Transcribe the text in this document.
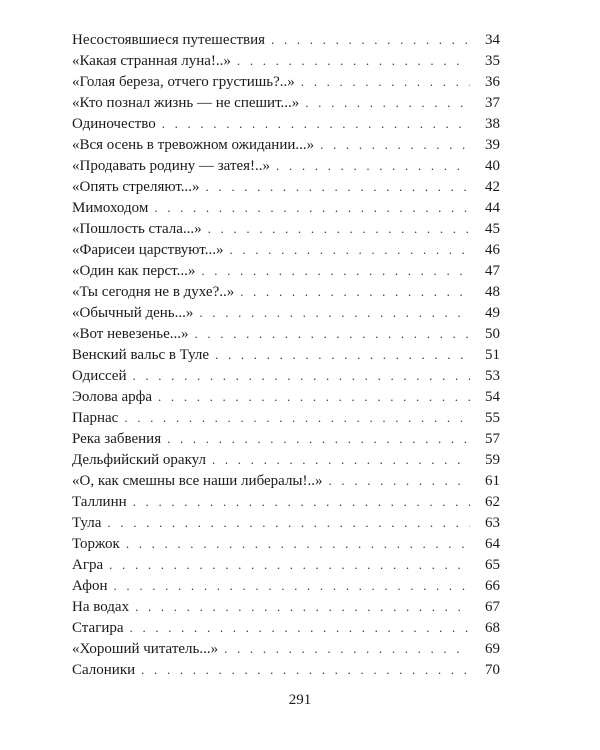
Несостоявшиеся путешествия . . .	34
«Какая странная луна!..» . . .	35
«Голая береза, отчего грустишь?..» . . .	36
«Кто познал жизнь — не спешит...» . . .	37
Одиночество . . .	38
«Вся осень в тревожном ожидании...» . . .	39
«Продавать родину — затея!..» . . .	40
«Опять стреляют...» . . .	42
Мимоходом . . .	44
«Пошлость стала...» . . .	45
«Фарисеи царствуют...» . . .	46
«Один как перст...» . . .	47
«Ты сегодня не в духе?..» . . .	48
«Обычный день...» . . .	49
«Вот невезенье...» . . .	50
Венский вальс в Туле . . .	51
Одиссей . . .	53
Эолова арфа . . .	54
Парнас . . .	55
Река забвения . . .	57
Дельфийский оракул . . .	59
«О, как смешны все наши либералы!..» . . .	61
Таллинн . . .	62
Тула . . .	63
Торжок . . .	64
Агра . . .	65
Афон . . .	66
На водах . . .	67
Стагира . . .	68
«Хороший читатель...» . . .	69
Салоники . . .	70
291
